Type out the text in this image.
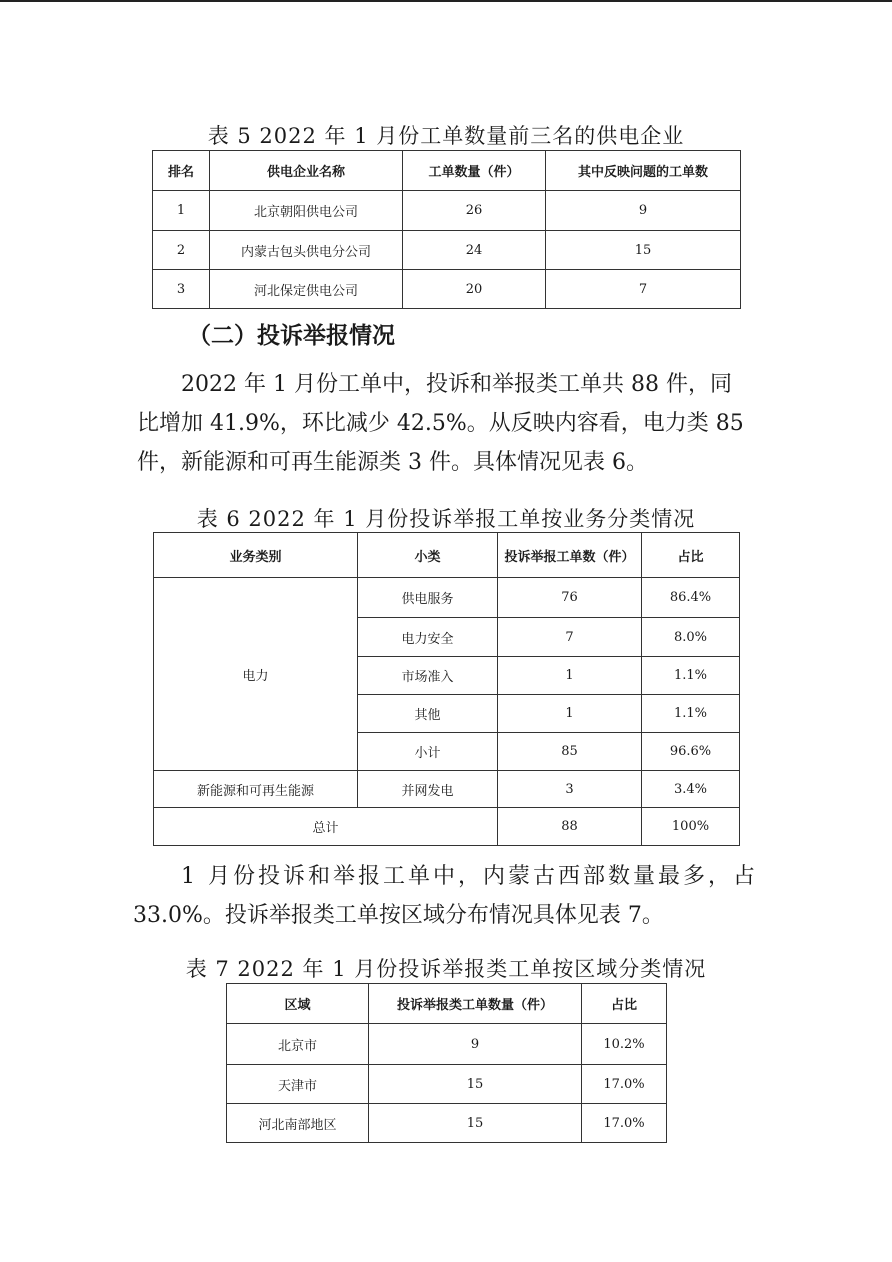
表 5 2022 年 1 月份工单数量前三名的供电企业
排名	供电企业名称	工单数量（件）	其中反映问题的工单数
1	北京朝阳供电公司	26	9
2	内蒙古包头供电分公司	24	15
3	河北保定供电公司	20	7
（二）投诉举报情况

2022 年 1 月份工单中，投诉和举报类工单共 88 件，同

比增加 41.9%，环比减少 42.5%。从反映内容看，电力类 85

件，新能源和可再生能源类 3 件。具体情况见表 6。

表 6 2022 年 1 月份投诉举报工单按业务分类情况
业务类别	小类	投诉举报工单数（件）	占比
电力	供电服务	76	86.4%
	电力安全	7	8.0%
	市场准入	1	1.1%
	其他	1	1.1%
	小计	85	96.6%
新能源和可再生能源	并网发电	3	3.4%
总计		88	100%

1 月份投诉和举报工单中，内蒙古西部数量最多，占

33.0%。投诉举报类工单按区域分布情况具体见表 7。

表 7 2022 年 1 月份投诉举报类工单按区域分类情况
区域	投诉举报类工单数量（件）	占比
北京市	9	10.2%
天津市	15	17.0%
河北南部地区	15	17.0%
